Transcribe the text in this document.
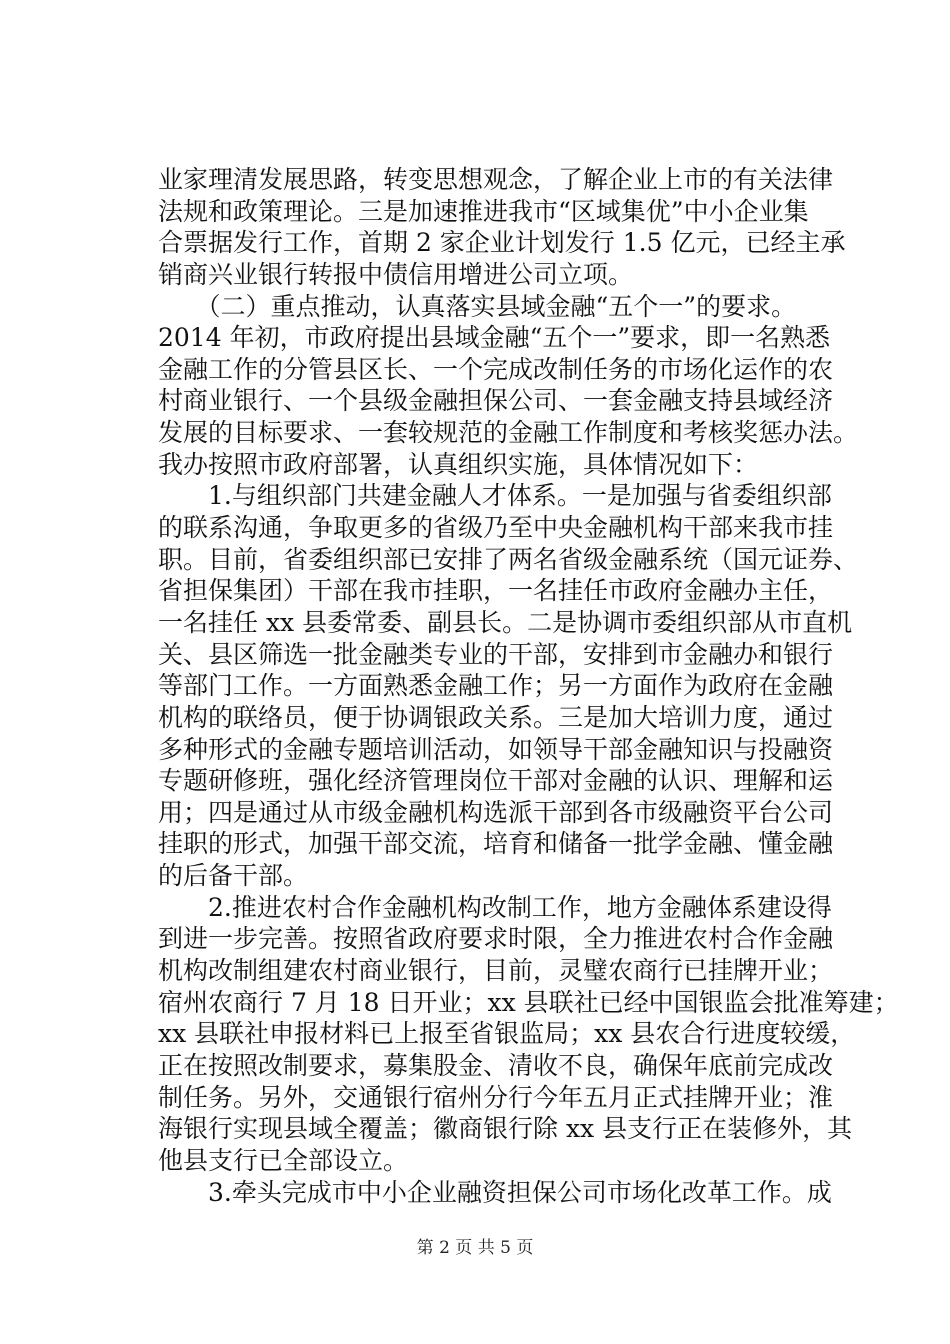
业家理清发展思路，转变思想观念，了解企业上市的有关法律
法规和政策理论。三是加速推进我市“区域集优”中小企业集
合票据发行工作，首期 2 家企业计划发行 1.5 亿元，已经主承
销商兴业银行转报中债信用增进公司立项。
　　（二）重点推动，认真落实县域金融“五个一”的要求。
2014 年初，市政府提出县域金融“五个一”要求，即一名熟悉
金融工作的分管县区长、一个完成改制任务的市场化运作的农
村商业银行、一个县级金融担保公司、一套金融支持县域经济
发展的目标要求、一套较规范的金融工作制度和考核奖惩办法。
我办按照市政府部署，认真组织实施，具体情况如下：
　　1.与组织部门共建金融人才体系。一是加强与省委组织部
的联系沟通，争取更多的省级乃至中央金融机构干部来我市挂
职。目前，省委组织部已安排了两名省级金融系统（国元证券、
省担保集团）干部在我市挂职，一名挂任市政府金融办主任，
一名挂任 xx 县委常委、副县长。二是协调市委组织部从市直机
关、县区筛选一批金融类专业的干部，安排到市金融办和银行
等部门工作。一方面熟悉金融工作；另一方面作为政府在金融
机构的联络员，便于协调银政关系。三是加大培训力度，通过
多种形式的金融专题培训活动，如领导干部金融知识与投融资
专题研修班，强化经济管理岗位干部对金融的认识、理解和运
用；四是通过从市级金融机构选派干部到各市级融资平台公司
挂职的形式，加强干部交流，培育和储备一批学金融、懂金融
的后备干部。
　　2.推进农村合作金融机构改制工作，地方金融体系建设得
到进一步完善。按照省政府要求时限，全力推进农村合作金融
机构改制组建农村商业银行，目前，灵璧农商行已挂牌开业；
宿州农商行 7 月 18 日开业；xx 县联社已经中国银监会批准筹建；
xx 县联社申报材料已上报至省银监局；xx 县农合行进度较缓，
正在按照改制要求，募集股金、清收不良，确保年底前完成改
制任务。另外，交通银行宿州分行今年五月正式挂牌开业；淮
海银行实现县域全覆盖；徽商银行除 xx 县支行正在装修外，其
他县支行已全部设立。
　　3.牵头完成市中小企业融资担保公司市场化改革工作。成
第 2 页 共 5 页
